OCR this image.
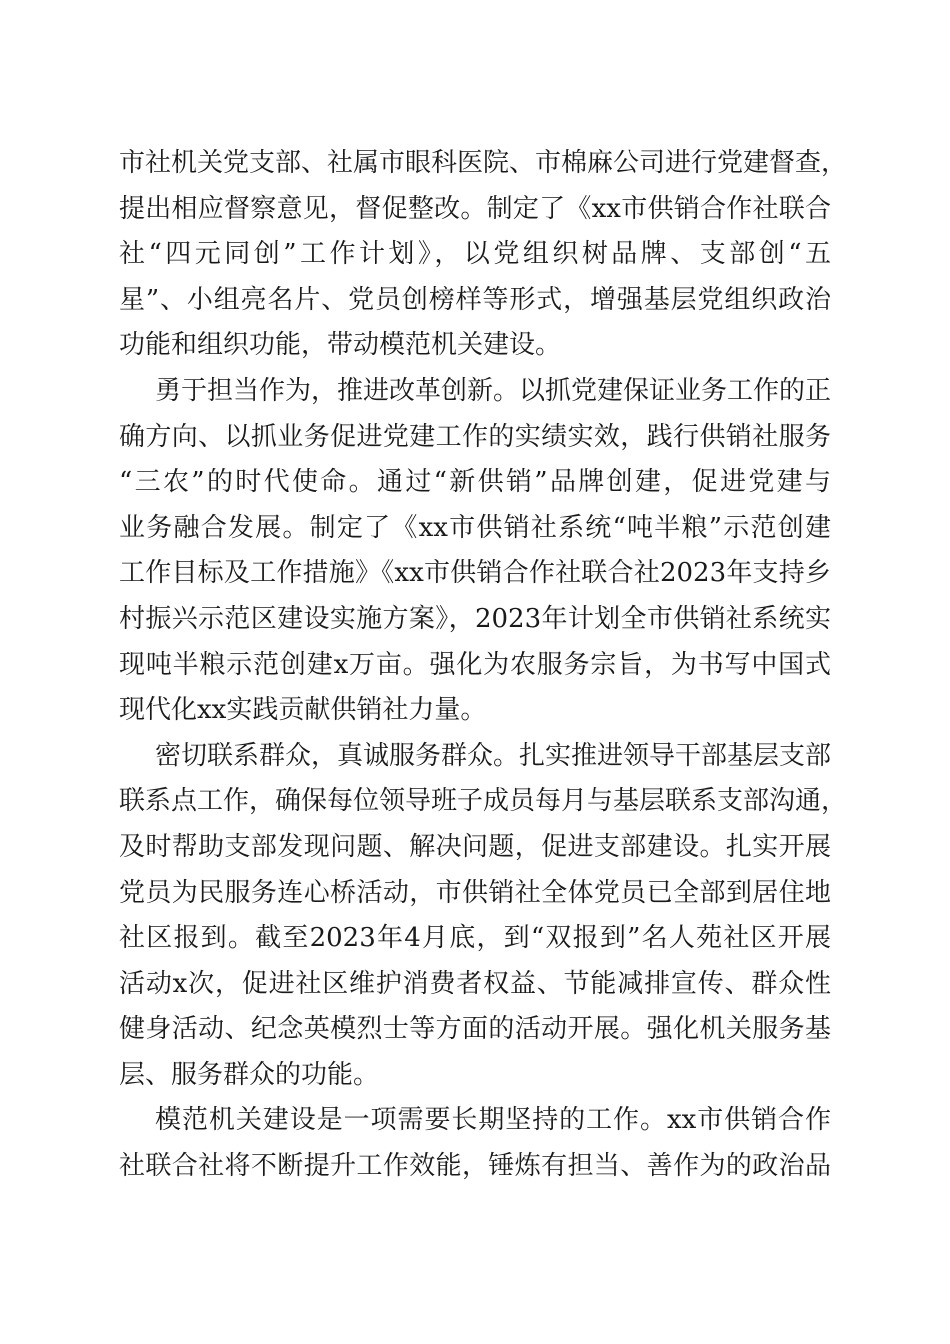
市社机关党支部、社属市眼科医院、市棉麻公司进行党建督查，
提出相应督察意见，督促整改。制定了《xx市供销合作社联合
社“四元同创”工作计划》，以党组织树品牌、支部创“五
星”、小组亮名片、党员创榜样等形式，增强基层党组织政治
功能和组织功能，带动模范机关建设。
勇于担当作为，推进改革创新。以抓党建保证业务工作的正
确方向、以抓业务促进党建工作的实绩实效，践行供销社服务
“三农”的时代使命。通过“新供销”品牌创建，促进党建与
业务融合发展。制定了《xx市供销社系统“吨半粮”示范创建
工作目标及工作措施》《xx市供销合作社联合社2023年支持乡
村振兴示范区建设实施方案》，2023年计划全市供销社系统实
现吨半粮示范创建x万亩。强化为农服务宗旨，为书写中国式
现代化xx实践贡献供销社力量。
密切联系群众，真诚服务群众。扎实推进领导干部基层支部
联系点工作，确保每位领导班子成员每月与基层联系支部沟通，
及时帮助支部发现问题、解决问题，促进支部建设。扎实开展
党员为民服务连心桥活动，市供销社全体党员已全部到居住地
社区报到。截至2023年4月底，到“双报到”名人苑社区开展
活动x次，促进社区维护消费者权益、节能减排宣传、群众性
健身活动、纪念英模烈士等方面的活动开展。强化机关服务基
层、服务群众的功能。
模范机关建设是一项需要长期坚持的工作。xx市供销合作
社联合社将不断提升工作效能，锤炼有担当、善作为的政治品
